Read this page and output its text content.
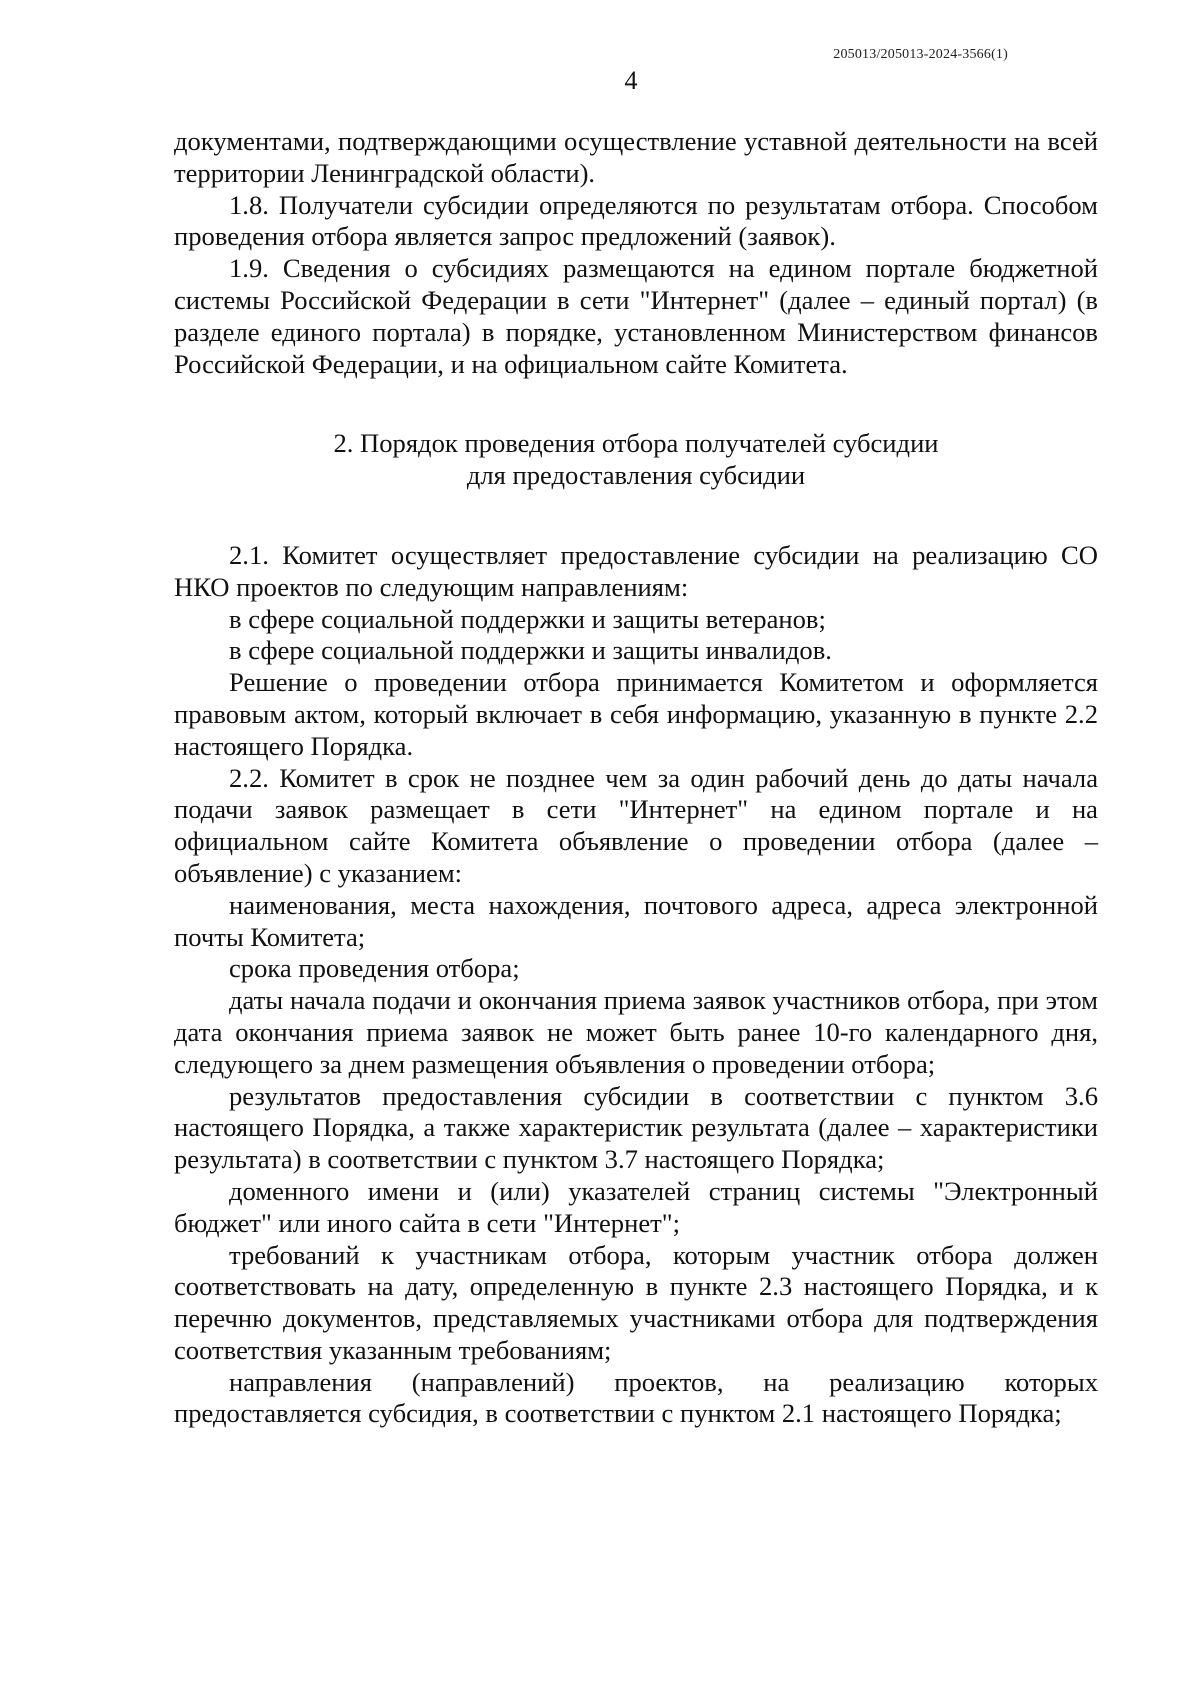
205013/205013-2024-3566(1)
4

документами, подтверждающими осуществление уставной деятельности на всей территории Ленинградской области).

1.8. Получатели субсидии определяются по результатам отбора. Способом проведения отбора является запрос предложений (заявок).

1.9. Сведения о субсидиях размещаются на едином портале бюджетной системы Российской Федерации в сети "Интернет" (далее – единый портал) (в разделе единого портала) в порядке, установленном Министерством финансов Российской Федерации, и на официальном сайте Комитета.

2. Порядок проведения отбора получателей субсидии
для предоставления субсидии

2.1. Комитет осуществляет предоставление субсидии на реализацию СО НКО проектов по следующим направлениям:

в сфере социальной поддержки и защиты ветеранов;

в сфере социальной поддержки и защиты инвалидов.

Решение о проведении отбора принимается Комитетом и оформляется правовым актом, который включает в себя информацию, указанную в пункте 2.2 настоящего Порядка.

2.2. Комитет в срок не позднее чем за один рабочий день до даты начала подачи заявок размещает в сети "Интернет" на едином портале и на официальном сайте Комитета объявление о проведении отбора (далее – объявление) с указанием:

наименования, места нахождения, почтового адреса, адреса электронной почты Комитета;

срока проведения отбора;

даты начала подачи и окончания приема заявок участников отбора, при этом дата окончания приема заявок не может быть ранее 10-го календарного дня, следующего за днем размещения объявления о проведении отбора;

результатов предоставления субсидии в соответствии с пунктом 3.6 настоящего Порядка, а также характеристик результата (далее – характеристики результата) в соответствии с пунктом 3.7 настоящего Порядка;

доменного имени и (или) указателей страниц системы "Электронный бюджет" или иного сайта в сети "Интернет";

требований к участникам отбора, которым участник отбора должен соответствовать на дату, определенную в пункте 2.3 настоящего Порядка, и к перечню документов, представляемых участниками отбора для подтверждения соответствия указанным требованиям;

направления (направлений) проектов, на реализацию которых предоставляется субсидия, в соответствии с пунктом 2.1 настоящего Порядка;
